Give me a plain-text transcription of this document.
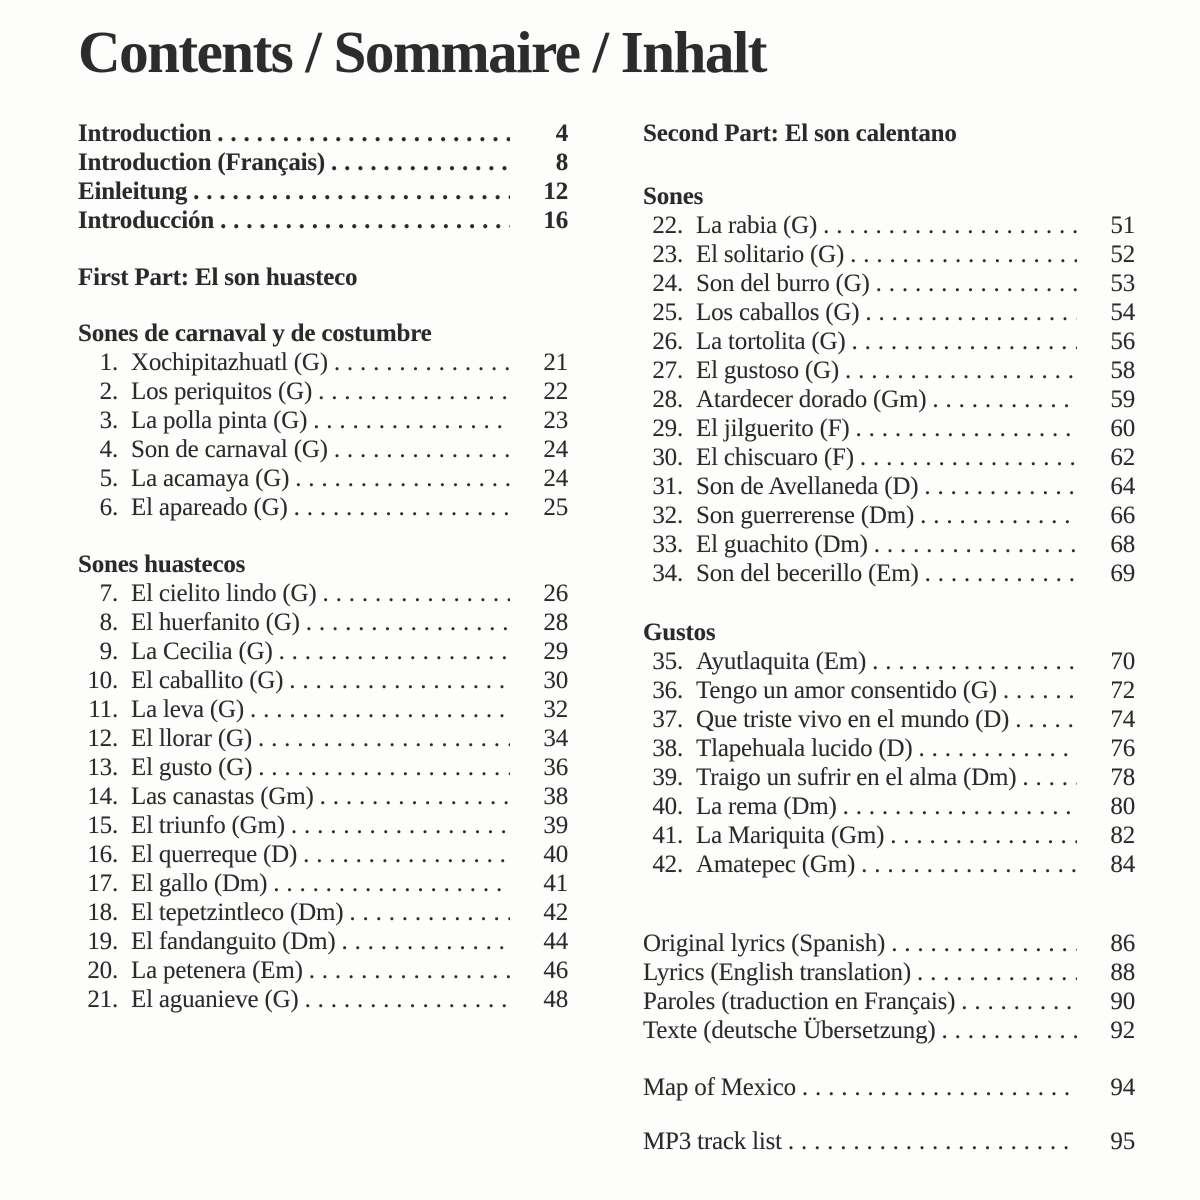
Contents / Sommaire / Inhalt
Introduction . . .	4
Introduction (Français) . . .	8
Einleitung . . .	12
Introducción . . .	16
First Part: El son huasteco
Sones de carnaval y de costumbre
1. Xochipitazhuatl (G) . . .	21
2. Los periquitos (G) . . .	22
3. La polla pinta (G) . . .	23
4. Son de carnaval (G) . . .	24
5. La acamaya (G) . . .	24
6. El apareado (G) . . .	25
Sones huastecos
7. El cielito lindo (G) . . .	26
8. El huerfanito (G) . . .	28
9. La Cecilia (G) . . .	29
10. El caballito (G) . . .	30
11. La leva (G) . . .	32
12. El llorar (G) . . .	34
13. El gusto (G) . . .	36
14. Las canastas (Gm) . . .	38
15. El triunfo (Gm) . . .	39
16. El querreque (D) . . .	40
17. El gallo (Dm) . . .	41
18. El tepetzintleco (Dm) . . .	42
19. El fandanguito (Dm) . . .	44
20. La petenera (Em) . . .	46
21. El aguanieve (G) . . .	48
Second Part: El son calentano
Sones
22. La rabia (G) . . .	51
23. El solitario (G) . . .	52
24. Son del burro (G) . . .	53
25. Los caballos (G) . . .	54
26. La tortolita (G) . . .	56
27. El gustoso (G) . . .	58
28. Atardecer dorado (Gm) . . .	59
29. El jilguerito (F) . . .	60
30. El chiscuaro (F) . . .	62
31. Son de Avellaneda (D) . . .	64
32. Son guerrerense (Dm) . . .	66
33. El guachito (Dm) . . .	68
34. Son del becerillo (Em) . . .	69
Gustos
35. Ayutlaquita (Em) . . .	70
36. Tengo un amor consentido (G) . . .	72
37. Que triste vivo en el mundo (D) . . .	74
38. Tlapehuala lucido (D) . . .	76
39. Traigo un sufrir en el alma (Dm) . . .	78
40. La rema (Dm) . . .	80
41. La Mariquita (Gm) . . .	82
42. Amatepec (Gm) . . .	84
Original lyrics (Spanish) . . .	86
Lyrics (English translation) . . .	88
Paroles (traduction en Français) . . .	90
Texte (deutsche Übersetzung) . . .	92
Map of Mexico . . .	94
MP3 track list . . .	95
